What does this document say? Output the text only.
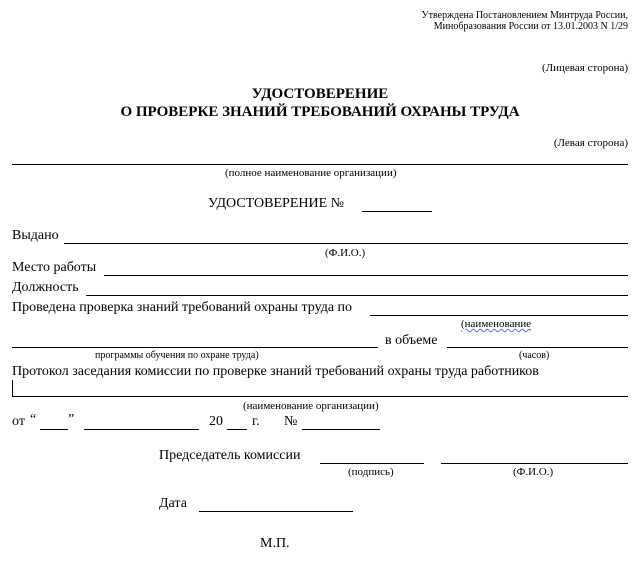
Утверждена Постановлением Минтруда России,
Минобразования России от 13.01.2003 N 1/29
(Лицевая сторона)
УДОСТОВЕРЕНИЕ
О ПРОВЕРКЕ ЗНАНИЙ ТРЕБОВАНИЙ ОХРАНЫ ТРУДА
(Левая сторона)
(полное наименование организации)
УДОСТОВЕРЕНИЕ №
Выдано
(Ф.И.О.)
Место работы
Должность
Проведена проверка знаний требований охраны труда по
(наименование
в объеме
программы обучения по охране труда)	(часов)
Протокол заседания комиссии по проверке знаний требований охраны труда работников
(наименование организации)
от “ ”	20 г. №
Председатель комиссии
(подпись)	(Ф.И.О.)
Дата
М.П.
